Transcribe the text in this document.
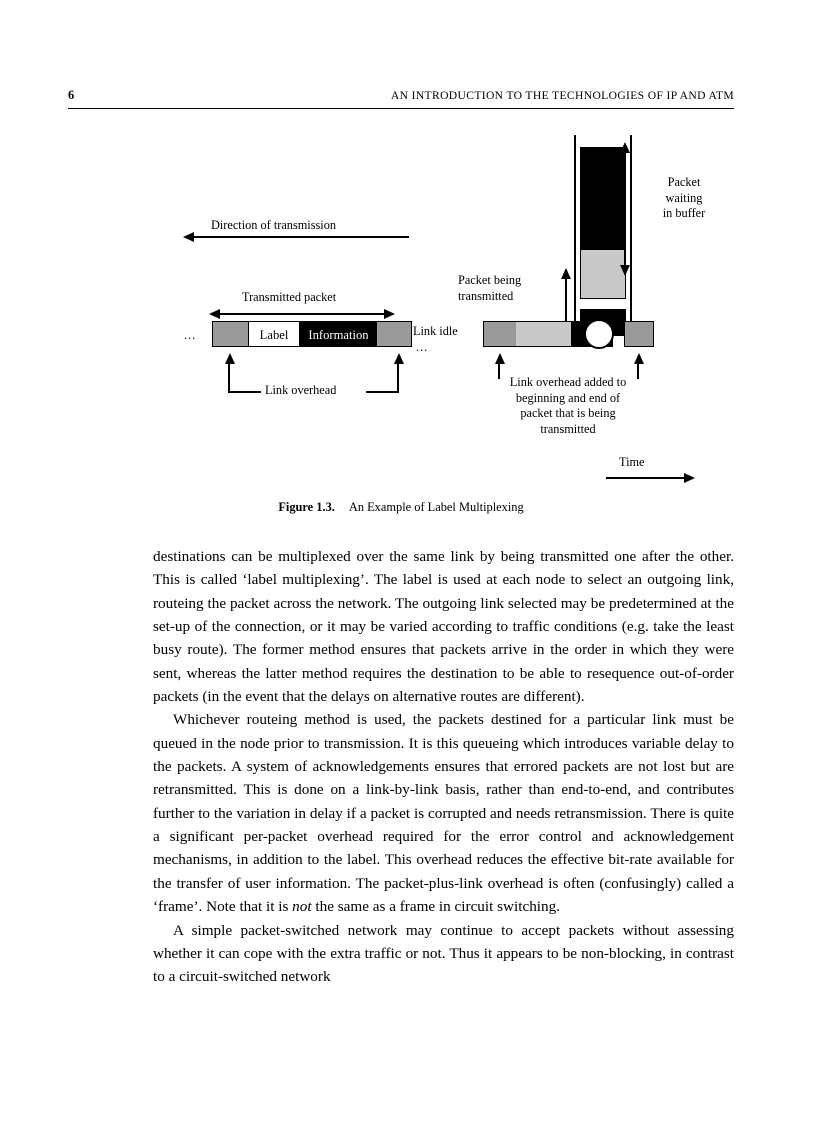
6	AN INTRODUCTION TO THE TECHNOLOGIES OF IP AND ATM
Packet
waiting
in buffer
Direction of transmission
Packet being
transmitted
Transmitted packet
...	Label	Information
Link overhead
Link idle
...
Link overhead added to
beginning and end of
packet that is being
transmitted
Time
Figure 1.3. An Example of Label Multiplexing

destinations can be multiplexed over the same link by being transmitted one after the other. This is called ‘label multiplexing’. The label is used at each node to select an outgoing link, routeing the packet across the network. The outgoing link selected may be predetermined at the set-up of the connection, or it may be varied according to traffic conditions (e.g. take the least busy route). The former method ensures that packets arrive in the order in which they were sent, whereas the latter method requires the destination to be able to resequence out-of-order packets (in the event that the delays on alternative routes are different).

Whichever routeing method is used, the packets destined for a particular link must be queued in the node prior to transmission. It is this queueing which introduces variable delay to the packets. A system of acknowledgements ensures that errored packets are not lost but are retransmitted. This is done on a link-by-link basis, rather than end-to-end, and contributes further to the variation in delay if a packet is corrupted and needs retransmission. There is quite a significant per-packet overhead required for the error control and acknowledgement mechanisms, in addition to the label. This overhead reduces the effective bit-rate available for the transfer of user information. The packet-plus-link overhead is often (confusingly) called a ‘frame’. Note that it is not the same as a frame in circuit switching.

A simple packet-switched network may continue to accept packets without assessing whether it can cope with the extra traffic or not. Thus it appears to be non-blocking, in contrast to a circuit-switched network
